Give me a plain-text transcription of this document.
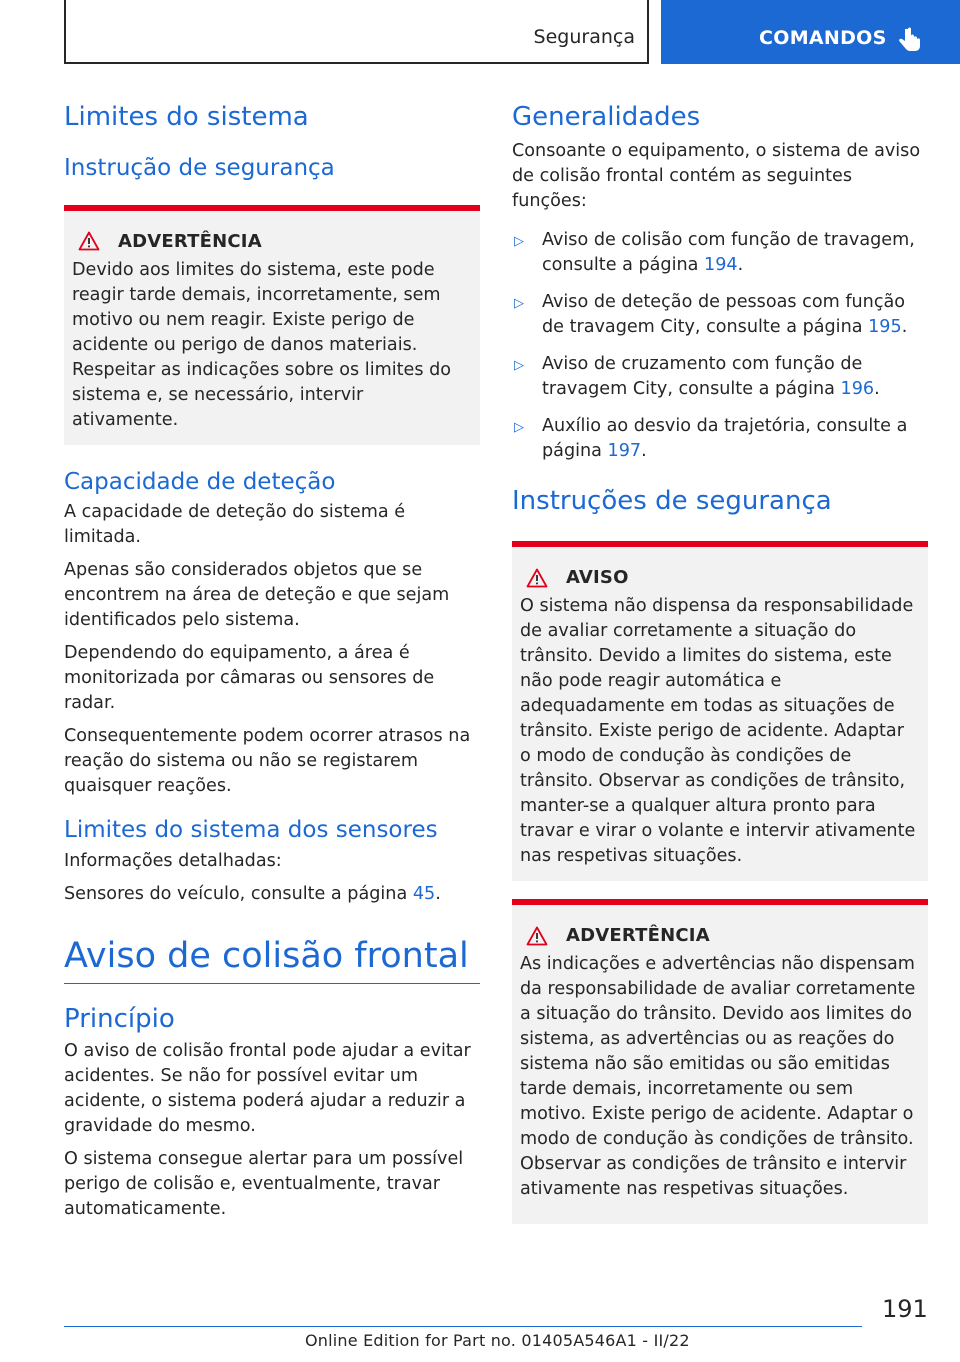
Segurança	COMANDOS
Limites do sistema
Instrução de segurança
ADVERTÊNCIA

Devido aos limites do sistema, este pode reagir tarde demais, incorretamente, sem motivo ou nem reagir. Existe perigo de acidente ou perigo de danos materiais. Respeitar as indicações sobre os limites do sistema e, se necessário, intervir ativamente.

Capacidade de deteção

A capacidade de deteção do sistema é limitada.

Apenas são considerados objetos que se encontrem na área de deteção e que sejam identificados pelo sistema.

Dependendo do equipamento, a área é monitorizada por câmaras ou sensores de radar.

Consequentemente podem ocorrer atrasos na reação do sistema ou não se registarem quaisquer reações.

Limites do sistema dos sensores

Informações detalhadas:

Sensores do veículo, consulte a página 45.

Aviso de colisão frontal
Princípio

O aviso de colisão frontal pode ajudar a evitar acidentes. Se não for possível evitar um acidente, o sistema poderá ajudar a reduzir a gravidade do mesmo.

O sistema consegue alertar para um possível perigo de colisão e, eventualmente, travar automaticamente.

Generalidades

Consoante o equipamento, o sistema de aviso de colisão frontal contém as seguintes funções:

▷ Aviso de colisão com função de travagem, consulte a página 194.
▷ Aviso de deteção de pessoas com função de travagem City, consulte a página 195.
▷ Aviso de cruzamento com função de travagem City, consulte a página 196.
▷ Auxílio ao desvio da trajetória, consulte a página 197.
Instruções de segurança
AVISO

O sistema não dispensa da responsabilidade de avaliar corretamente a situação do trânsito. Devido a limites do sistema, este não pode reagir automática e adequadamente em todas as situações de trânsito. Existe perigo de acidente. Adaptar o modo de condução às condições de trânsito. Observar as condições de trânsito, manter-se a qualquer altura pronto para travar e virar o volante e intervir ativamente nas respetivas situações.

ADVERTÊNCIA

As indicações e advertências não dispensam da responsabilidade de avaliar corretamente a situação do trânsito. Devido aos limites do sistema, as advertências ou as reações do sistema não são emitidas ou são emitidas tarde demais, incorretamente ou sem motivo. Existe perigo de acidente. Adaptar o modo de condução às condições de trânsito. Observar as condições de trânsito e intervir ativamente nas respetivas situações.

191
Online Edition for Part no. 01405A546A1 - II/22
